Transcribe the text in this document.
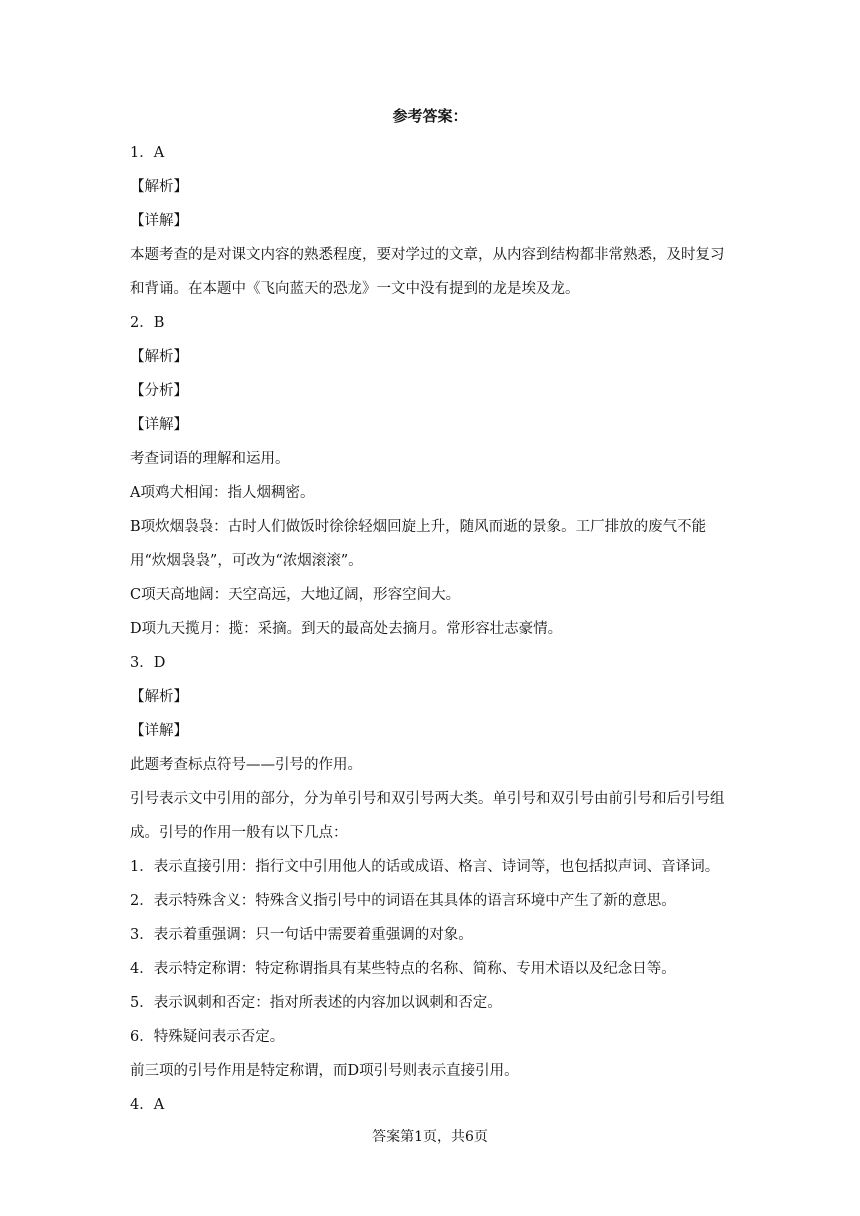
参考答案：

1．A

【解析】

【详解】

本题考查的是对课文内容的熟悉程度，要对学过的文章，从内容到结构都非常熟悉，及时复习和背诵。在本题中《飞向蓝天的恐龙》一文中没有提到的龙是埃及龙。

2．B

【解析】

【分析】

【详解】

考查词语的理解和运用。

A项鸡犬相闻：指人烟稠密。

B项炊烟袅袅：古时人们做饭时徐徐轻烟回旋上升，随风而逝的景象。工厂排放的废气不能用“炊烟袅袅”，可改为“浓烟滚滚”。

C项天高地阔：天空高远，大地辽阔，形容空间大。

D项九天揽月：揽：采摘。到天的最高处去摘月。常形容壮志豪情。

3．D

【解析】

【详解】

此题考查标点符号——引号的作用。

引号表示文中引用的部分，分为单引号和双引号两大类。单引号和双引号由前引号和后引号组成。引号的作用一般有以下几点：

1．表示直接引用：指行文中引用他人的话或成语、格言、诗词等，也包括拟声词、音译词。

2．表示特殊含义：特殊含义指引号中的词语在其具体的语言环境中产生了新的意思。

3．表示着重强调：只一句话中需要着重强调的对象。

4．表示特定称谓：特定称谓指具有某些特点的名称、简称、专用术语以及纪念日等。

5．表示讽刺和否定：指对所表述的内容加以讽刺和否定。

6．特殊疑问表示否定。

前三项的引号作用是特定称谓，而D项引号则表示直接引用。

4．A

答案第1页，共6页
